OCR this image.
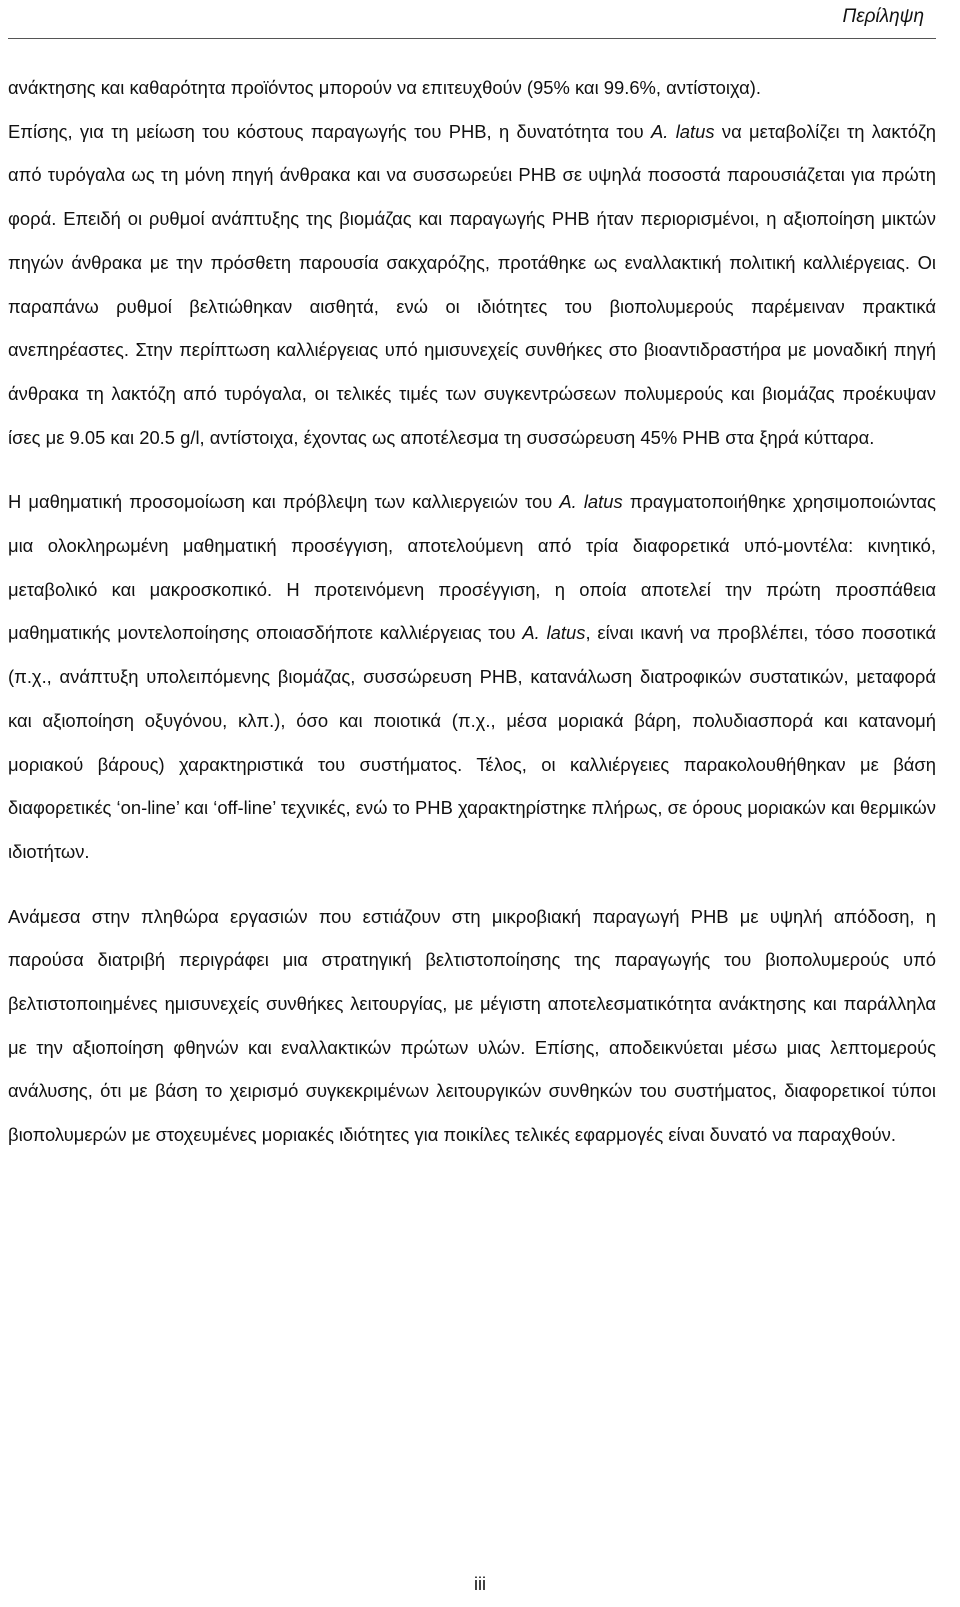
Περίληψη

ανάκτησης και καθαρότητα προϊόντος μπορούν να επιτευχθούν (95% και 99.6%, αντίστοιχα).

Επίσης, για τη μείωση του κόστους παραγωγής του PHB, η δυνατότητα του A. latus να μεταβολίζει τη λακτόζη από τυρόγαλα ως τη μόνη πηγή άνθρακα και να συσσωρεύει PHB σε υψηλά ποσοστά παρουσιάζεται για πρώτη φορά. Επειδή οι ρυθμοί ανάπτυξης της βιομάζας και παραγωγής PHB ήταν περιορισμένοι, η αξιοποίηση μικτών πηγών άνθρακα με την πρόσθετη παρουσία σακχαρόζης, προτάθηκε ως εναλλακτική πολιτική καλλιέργειας. Οι παραπάνω ρυθμοί βελτιώθηκαν αισθητά, ενώ οι ιδιότητες του βιοπολυμερούς παρέμειναν πρακτικά ανεπηρέαστες. Στην περίπτωση καλλιέργειας υπό ημισυνεχείς συνθήκες στο βιοαντιδραστήρα με μοναδική πηγή άνθρακα τη λακτόζη από τυρόγαλα, οι τελικές τιμές των συγκεντρώσεων πολυμερούς και βιομάζας προέκυψαν ίσες με 9.05 και 20.5 g/l, αντίστοιχα, έχοντας ως αποτέλεσμα τη συσσώρευση 45% PHB στα ξηρά κύτταρα.

Η μαθηματική προσομοίωση και πρόβλεψη των καλλιεργειών του A. latus πραγματοποιήθηκε χρησιμοποιώντας μια ολοκληρωμένη μαθηματική προσέγγιση, αποτελούμενη από τρία διαφορετικά υπό-μοντέλα: κινητικό, μεταβολικό και μακροσκοπικό. Η προτεινόμενη προσέγγιση, η οποία αποτελεί την πρώτη προσπάθεια μαθηματικής μοντελοποίησης οποιασδήποτε καλλιέργειας του A. latus, είναι ικανή να προβλέπει, τόσο ποσοτικά (π.χ., ανάπτυξη υπολειπόμενης βιομάζας, συσσώρευση PHB, κατανάλωση διατροφικών συστατικών, μεταφορά και αξιοποίηση οξυγόνου, κλπ.), όσο και ποιοτικά (π.χ., μέσα μοριακά βάρη, πολυδιασπορά και κατανομή μοριακού βάρους) χαρακτηριστικά του συστήματος. Τέλος, οι καλλιέργειες παρακολουθήθηκαν με βάση διαφορετικές ‘on-line’ και ‘off-line’ τεχνικές, ενώ το PHB χαρακτηρίστηκε πλήρως, σε όρους μοριακών και θερμικών ιδιοτήτων.

Ανάμεσα στην πληθώρα εργασιών που εστιάζουν στη μικροβιακή παραγωγή PHB με υψηλή απόδοση, η παρούσα διατριβή περιγράφει μια στρατηγική βελτιστοποίησης της παραγωγής του βιοπολυμερούς υπό βελτιστοποιημένες ημισυνεχείς συνθήκες λειτουργίας, με μέγιστη αποτελεσματικότητα ανάκτησης και παράλληλα με την αξιοποίηση φθηνών και εναλλακτικών πρώτων υλών. Επίσης, αποδεικνύεται μέσω μιας λεπτομερούς ανάλυσης, ότι με βάση το χειρισμό συγκεκριμένων λειτουργικών συνθηκών του συστήματος, διαφορετικοί τύποι βιοπολυμερών με στοχευμένες μοριακές ιδιότητες για ποικίλες τελικές εφαρμογές είναι δυνατό να παραχθούν.

iii
